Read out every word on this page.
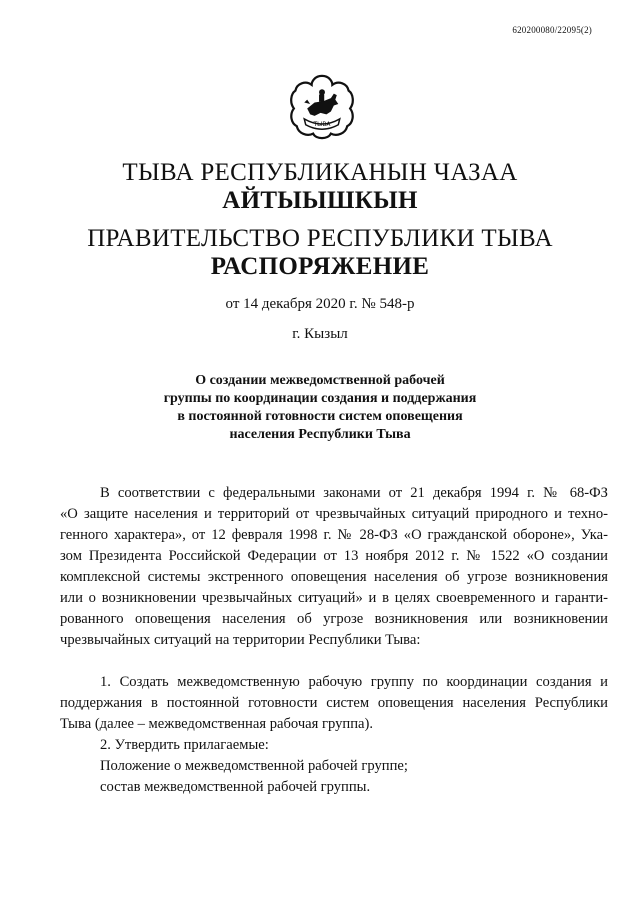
620200080/22095(2)
ТЫВА
ТЫВА РЕСПУБЛИКАНЫН ЧАЗАА
АЙТЫЫШКЫН
ПРАВИТЕЛЬСТВО РЕСПУБЛИКИ ТЫВА
РАСПОРЯЖЕНИЕ
от 14 декабря 2020 г. № 548-р
г. Кызыл
О создании межведомственной рабочей
группы по координации создания и поддержания
в постоянной готовности систем оповещения
населения Республики Тыва
В соответствии с федеральными законами от 21 декабря 1994 г. № 68-ФЗ
«О защите населения и территорий от чрезвычайных ситуаций природного и техно-
генного характера», от 12 февраля 1998 г. № 28-ФЗ «О гражданской обороне», Ука-
зом Президента Российской Федерации от 13 ноября 2012 г. № 1522 «О создании
комплексной системы экстренного оповещения населения об угрозе возникновения
или о возникновении чрезвычайных ситуаций» и в целях своевременного и гаранти-
рованного оповещения населения об угрозе возникновения или возникновении
чрезвычайных ситуаций на территории Республики Тыва:
1. Создать межведомственную рабочую группу по координации создания и
поддержания в постоянной готовности систем оповещения населения Республики
Тыва (далее – межведомственная рабочая группа).
2. Утвердить прилагаемые:
Положение о межведомственной рабочей группе;
состав межведомственной рабочей группы.
